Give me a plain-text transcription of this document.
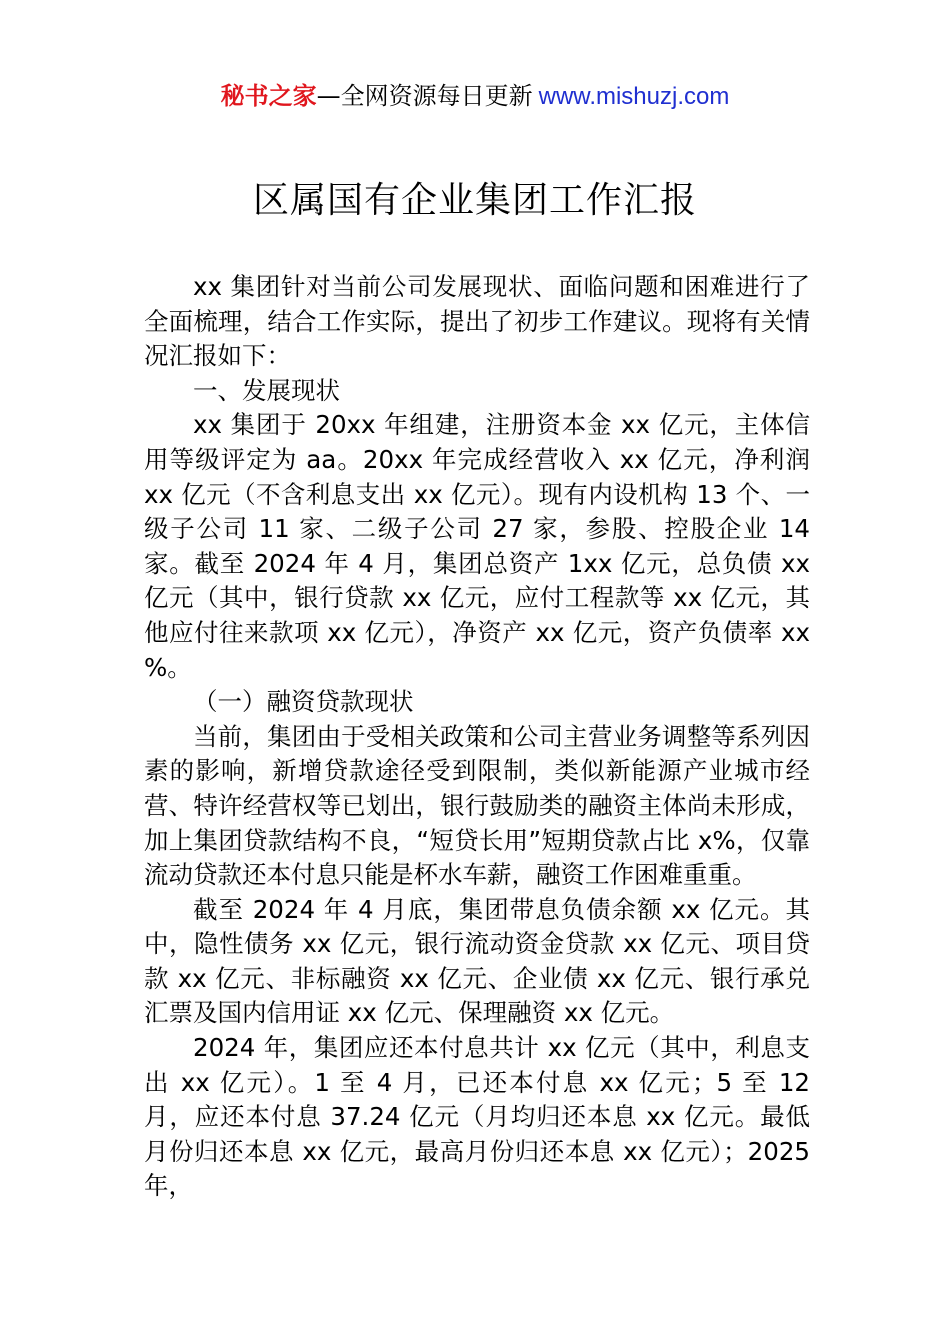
秘书之家—全网资源每日更新 www.mishuzj.com
区属国有企业集团工作汇报

xx 集团针对当前公司发展现状、面临问题和困难进行了全面梳理，结合工作实际，提出了初步工作建议。现将有关情况汇报如下：

一、发展现状

xx 集团于 20xx 年组建，注册资本金 xx 亿元，主体信用等级评定为 aa。20xx 年完成经营收入 xx 亿元，净利润 xx 亿元（不含利息支出 xx 亿元）。现有内设机构 13 个、一级子公司 11 家、二级子公司 27 家，参股、控股企业 14 家。截至 2024 年 4 月，集团总资产 1xx 亿元，总负债 xx 亿元（其中，银行贷款 xx 亿元，应付工程款等 xx 亿元，其他应付往来款项 xx 亿元），净资产 xx 亿元，资产负债率 xx %。

（一）融资贷款现状

当前，集团由于受相关政策和公司主营业务调整等系列因素的影响，新增贷款途径受到限制，类似新能源产业城市经营、特许经营权等已划出，银行鼓励类的融资主体尚未形成，加上集团贷款结构不良，“短贷长用”短期贷款占比 x%，仅靠流动贷款还本付息只能是杯水车薪，融资工作困难重重。

截至 2024 年 4 月底，集团带息负债余额 xx 亿元。其中，隐性债务 xx 亿元，银行流动资金贷款 xx 亿元、项目贷款 xx 亿元、非标融资 xx 亿元、企业债 xx 亿元、银行承兑汇票及国内信用证 xx 亿元、保理融资 xx 亿元。

2024 年，集团应还本付息共计 xx 亿元（其中，利息支出 xx 亿元）。1 至 4 月，已还本付息 xx 亿元；5 至 12 月，应还本付息 37.24 亿元（月均归还本息 xx 亿元。最低月份归还本息 xx 亿元，最高月份归还本息 xx 亿元）；2025 年，
